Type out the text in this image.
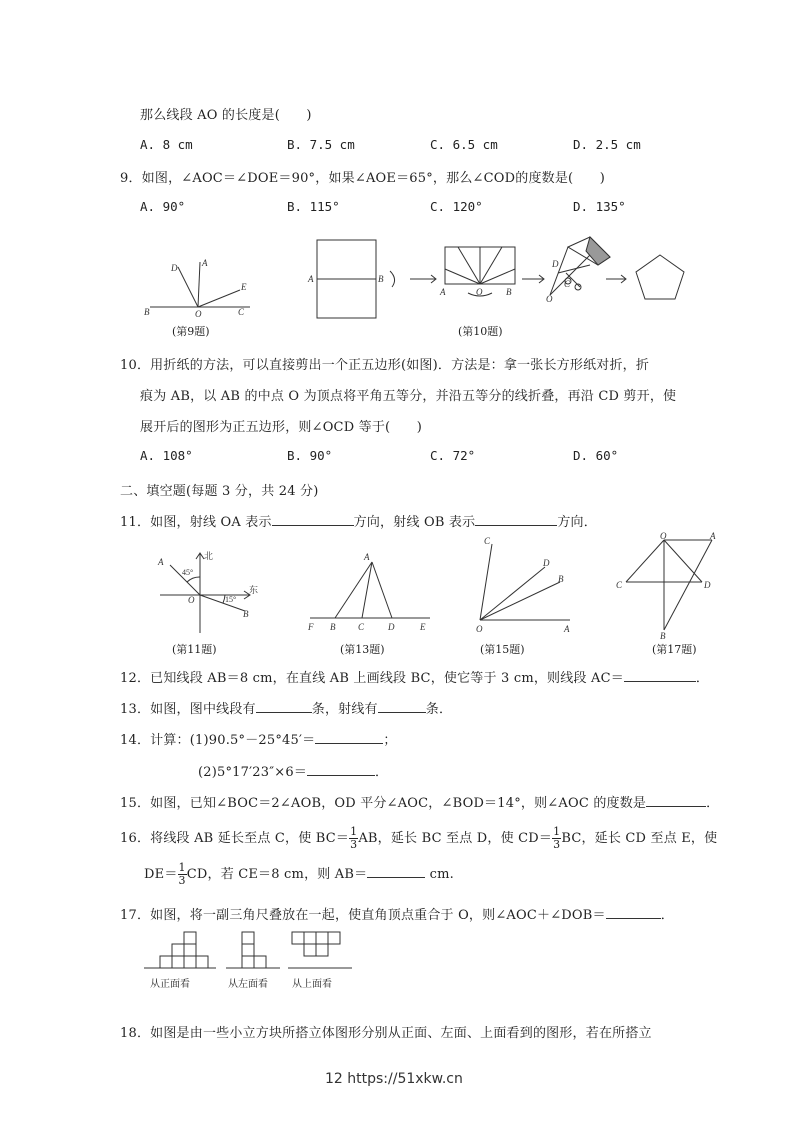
那么线段 AO 的长度是(　　)
A. 8 cm	B. 7.5 cm	C. 6.5 cm	D. 2.5 cm
9．如图，∠AOC＝∠DOE＝90°，如果∠AOE＝65°，那么∠COD的度数是(　　)
A. 90°	B. 115°	C. 120°	D. 135°
B	O	C
A
D
E
(第9题)
A	B
A	O	B
D
O
C
(第10题)
10．用折纸的方法，可以直接剪出一个正五边形(如图)．方法是：拿一张长方形纸对折，折
痕为 AB，以 AB 的中点 O 为顶点将平角五等分，并沿五等分的线折叠，再沿 CD 剪开，使
展开后的图形为正五边形，则∠OCD 等于(　　)
A. 108°	B. 90°	C. 72°	D. 60°
二、填空题(每题 3 分，共 24 分)
11．如图，射线 OA 表示	方向，射线 OB 表示	方向．
北
东
45°
15°
A
O
B
(第11题)
A
F B	C	D	E
(第13题)
C
D
B
O	A
(第15题)
O	A
C	D
B
(第17题)
12．已知线段 AB＝8 cm，在直线 AB 上画线段 BC，使它等于 3 cm，则线段 AC＝	．
13．如图，图中线段有	条，射线有	条．
14．计算：(1)90.5°－25°45′＝	；
(2)5°17′23″×6＝	．
15．如图，已知∠BOC＝2∠AOB，OD 平分∠AOC，∠BOD＝14°，则∠AOC 的度数是	．
16．将线段 AB 延长至点 C，使 $BC= \frac{1}{3}$ AB，延长 BC 至点 D，使 $CD= \frac{1}{3}$ BC，延长 CD 至点 E，使
$DE= \frac{1}{3}$ CD，若 CE＝8 cm，则 AB＝	cm.
17．如图，将一副三角尺叠放在一起，使直角顶点重合于 O，则∠AOC＋∠DOB＝	．
从正面看	从左面看 从上面看
18．如图是由一些小立方块所搭立体图形分别从正面、左面、上面看到的图形，若在所搭立
12 https://51xkw.cn
